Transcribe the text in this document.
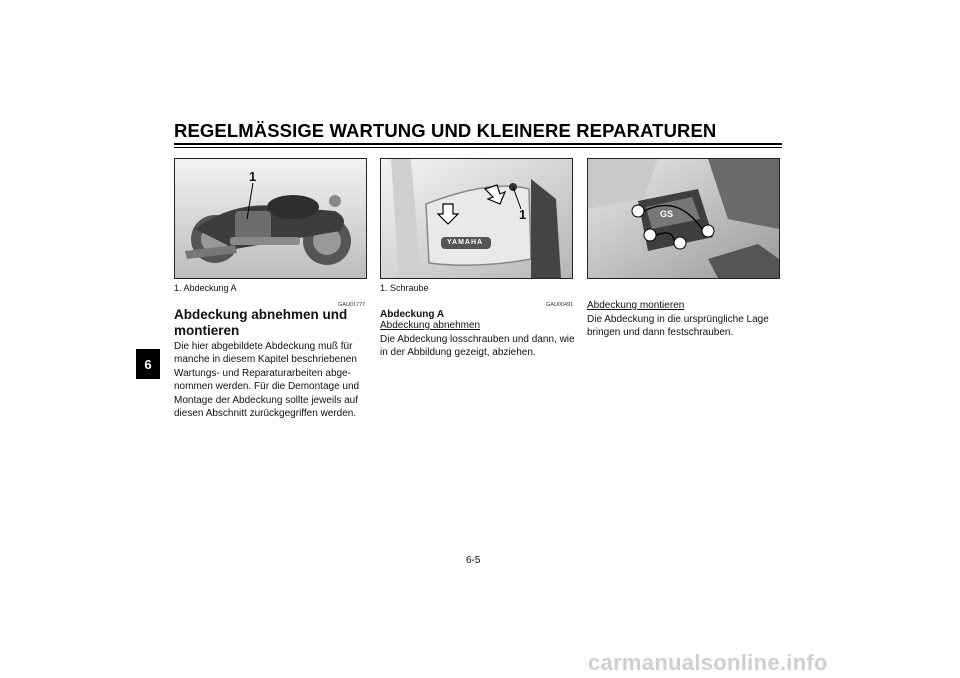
REGELMÄSSIGE WARTUNG UND KLEINERE REPARATUREN
6
1
YAMAHA
1	GS
1. Abdeckung A	1. Schraube
GAU01777
Abdeckung abnehmen und montieren

Die hier abgebildete Abdeckung muß für manche in diesem Kapitel beschriebenen Wartungs- und Reparaturarbeiten abge-nommen werden. Für die Demontage und Montage der Abdeckung sollte jeweils auf diesen Abschnitt zurückgegriffen werden.

GAU00491
Abdeckung A
Abdeckung abnehmen

Die Abdeckung losschrauben und dann, wie in der Abbildung gezeigt, abziehen.

Abdeckung montieren

Die Abdeckung in die ursprüngliche Lage bringen und dann festschrauben.

6-5
carmanualsonline.info
